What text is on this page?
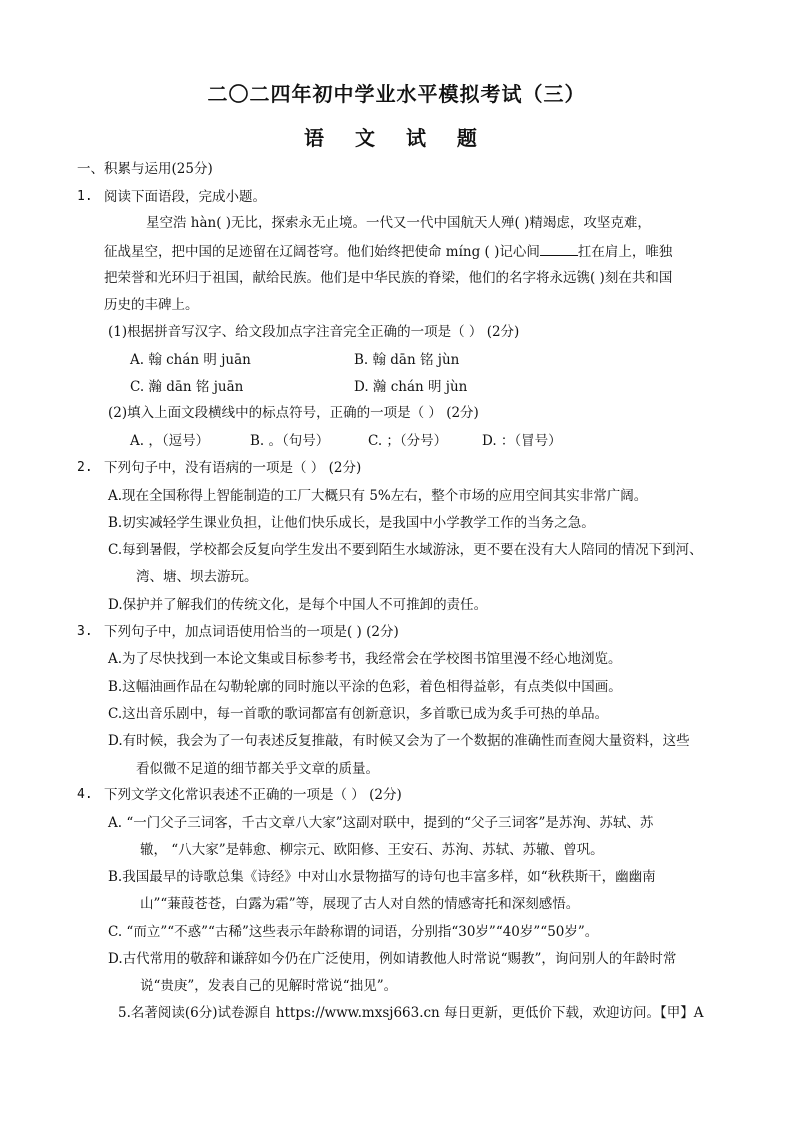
二〇二四年初中学业水平模拟考试（三）
语 文 试 题
一、积累与运用(25分)
1. 阅读下面语段，完成小题。
星空浩 hàn( )无比，探索永无止境。一代又一代中国航天人殚( )精竭虑，攻坚克难，
征战星空，把中国的足迹留在辽阔苍穹。他们始终把使命 míng ( )记心间	扛在肩上，唯独
把荣誉和光环归于祖国，献给民族。他们是中华民族的脊梁，他们的名字将永远镌( )刻在共和国
历史的丰碑上。
(1)根据拼音写汉字、给文段加点字注音完全正确的一项是（ ） (2分)
A. 翰 chán 明 juān	B. 翰 dān 铭 jùn
C. 瀚 dān 铭 juān	D. 瀚 chán 明 jùn
(2)填入上面文段横线中的标点符号，正确的一项是（ ） (2分)
A. ，（逗号）	B. 。（句号）	C. ；（分号）	D. ：（冒号）
2. 下列句子中，没有语病的一项是（ ） (2分)
A.现在全国称得上智能制造的工厂大概只有 5%左右，整个市场的应用空间其实非常广阔。
B.切实减轻学生课业负担，让他们快乐成长，是我国中小学教学工作的当务之急。
C.每到暑假，学校都会反复向学生发出不要到陌生水域游泳，更不要在没有大人陪同的情况下到河、
湾、塘、坝去游玩。
D.保护并了解我们的传统文化，是每个中国人不可推卸的责任。
3. 下列句子中，加点词语使用恰当的一项是( ) (2分)
A.为了尽快找到一本论文集或目标参考书，我经常会在学校图书馆里漫不经心地浏览。
B.这幅油画作品在勾勒轮廓的同时施以平涂的色彩，着色相得益彰，有点类似中国画。
C.这出音乐剧中，每一首歌的歌词都富有创新意识，多首歌已成为炙手可热的单品。
D.有时候，我会为了一句表述反复推敲，有时候又会为了一个数据的准确性而查阅大量资料，这些
看似微不足道的细节都关乎文章的质量。
4. 下列文学文化常识表述不正确的一项是（ ） (2分)
A. “一门父子三词客，千古文章八大家”这副对联中，提到的“父子三词客”是苏洵、苏轼、苏
辙， “八大家”是韩愈、柳宗元、欧阳修、王安石、苏洵、苏轼、苏辙、曾巩。
B.我国最早的诗歌总集《诗经》中对山水景物描写的诗句也丰富多样，如“秋秩斯干，幽幽南
山”“蒹葭苍苍，白露为霜”等，展现了古人对自然的情感寄托和深刻感悟。
C. “而立”“不惑”“古稀”这些表示年龄称谓的词语，分别指“30岁”“40岁”“50岁”。
D.古代常用的敬辞和谦辞如今仍在广泛使用，例如请教他人时常说“赐教”，询问别人的年龄时常
说“贵庚”，发表自己的见解时常说“拙见”。
5.名著阅读(6分)试卷源自 https://www.mxsj663.cn 每日更新，更低价下载，欢迎访问。【甲】A
